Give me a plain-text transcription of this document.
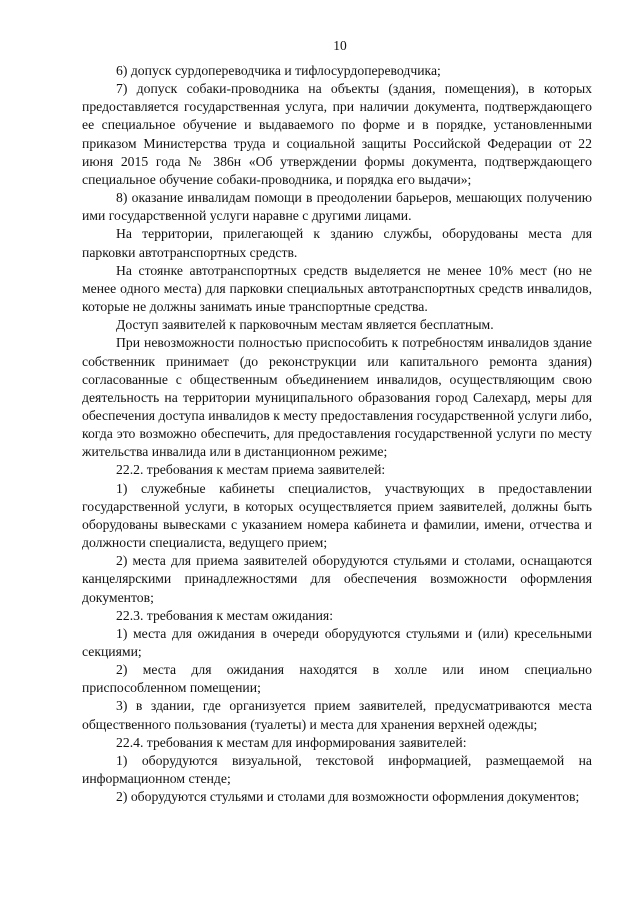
10

6) допуск сурдопереводчика и тифлосурдопереводчика;

7) допуск собаки-проводника на объекты (здания, помещения), в которых предоставляется государственная услуга, при наличии документа, подтверждающего ее специальное обучение и выдаваемого по форме и в порядке, установленными приказом Министерства труда и социальной защиты Российской Федерации от 22 июня 2015 года № 386н «Об утверждении формы документа, подтверждающего специальное обучение собаки-проводника, и порядка его выдачи»;

8) оказание инвалидам помощи в преодолении барьеров, мешающих получению ими государственной услуги наравне с другими лицами.

На территории, прилегающей к зданию службы, оборудованы места для парковки автотранспортных средств.

На стоянке автотранспортных средств выделяется не менее 10% мест (но не менее одного места) для парковки специальных автотранспортных средств инвалидов, которые не должны занимать иные транспортные средства.

Доступ заявителей к парковочным местам является бесплатным.

При невозможности полностью приспособить к потребностям инвалидов здание собственник принимает (до реконструкции или капитального ремонта здания) согласованные с общественным объединением инвалидов, осуществляющим свою деятельность на территории муниципального образования город Салехард, меры для обеспечения доступа инвалидов к месту предоставления государственной услуги либо, когда это возможно обеспечить, для предоставления государственной услуги по месту жительства инвалида или в дистанционном режиме;

22.2. требования к местам приема заявителей:

1) служебные кабинеты специалистов, участвующих в предоставлении государственной услуги, в которых осуществляется прием заявителей, должны быть оборудованы вывесками с указанием номера кабинета и фамилии, имени, отчества и должности специалиста, ведущего прием;

2) места для приема заявителей оборудуются стульями и столами, оснащаются канцелярскими принадлежностями для обеспечения возможности оформления документов;

22.3. требования к местам ожидания:

1) места для ожидания в очереди оборудуются стульями и (или) кресельными секциями;

2) места для ожидания находятся в холле или ином специально приспособленном помещении;

3) в здании, где организуется прием заявителей, предусматриваются места общественного пользования (туалеты) и места для хранения верхней одежды;

22.4. требования к местам для информирования заявителей:

1) оборудуются визуальной, текстовой информацией, размещаемой на информационном стенде;

2) оборудуются стульями и столами для возможности оформления документов;
